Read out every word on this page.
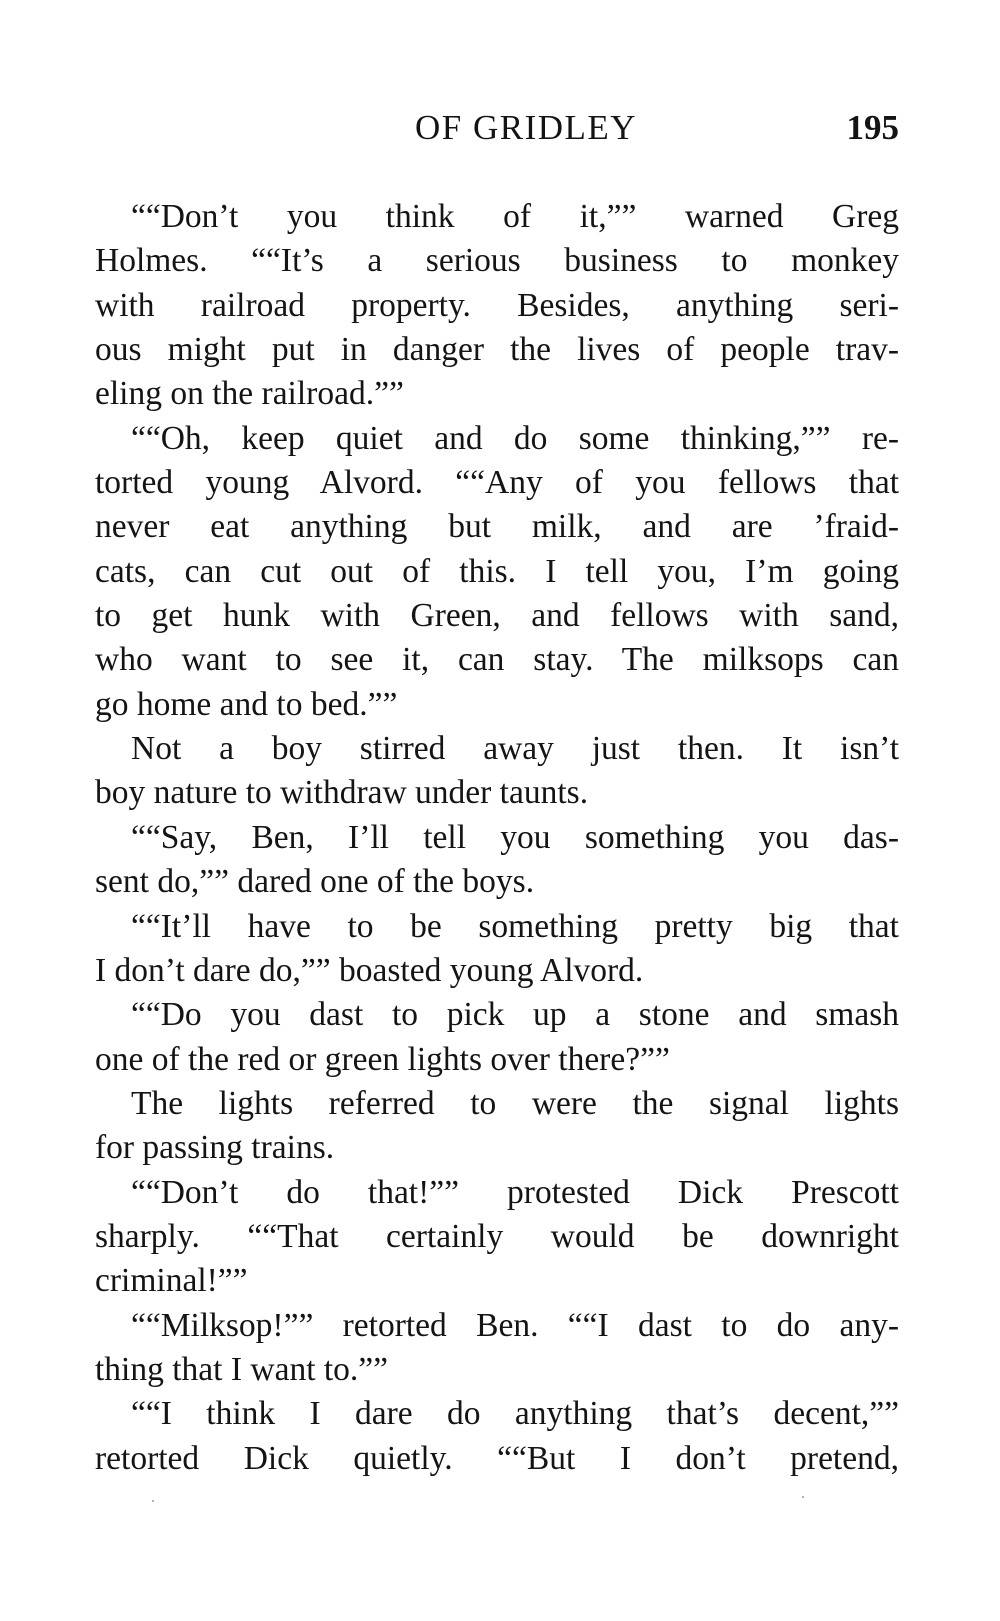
OF GRIDLEY	195
““Don’t you think of it,”” warned Greg
Holmes. ““It’s a serious business to monkey
with railroad property. Besides, anything seri-
ous might put in danger the lives of people trav-
eling on the railroad.””
““Oh, keep quiet and do some thinking,”” re-
torted young Alvord. ““Any of you fellows that
never eat anything but milk, and are ’fraid-
cats, can cut out of this. I tell you, I’m going
to get hunk with Green, and fellows with sand,
who want to see it, can stay. The milksops can
go home and to bed.””
Not a boy stirred away just then. It isn’t
boy nature to withdraw under taunts.
““Say, Ben, I’ll tell you something you das-
sent do,”” dared one of the boys.
““It’ll have to be something pretty big that
I don’t dare do,”” boasted young Alvord.
““Do you dast to pick up a stone and smash
one of the red or green lights over there?””
The lights referred to were the signal lights
for passing trains.
““Don’t do that!”” protested Dick Prescott
sharply. ““That certainly would be downright
criminal!””
““Milksop!”” retorted Ben. ““I dast to do any-
thing that I want to.””
““I think I dare do anything that’s decent,””
retorted Dick quietly. ““But I don’t pretend,
